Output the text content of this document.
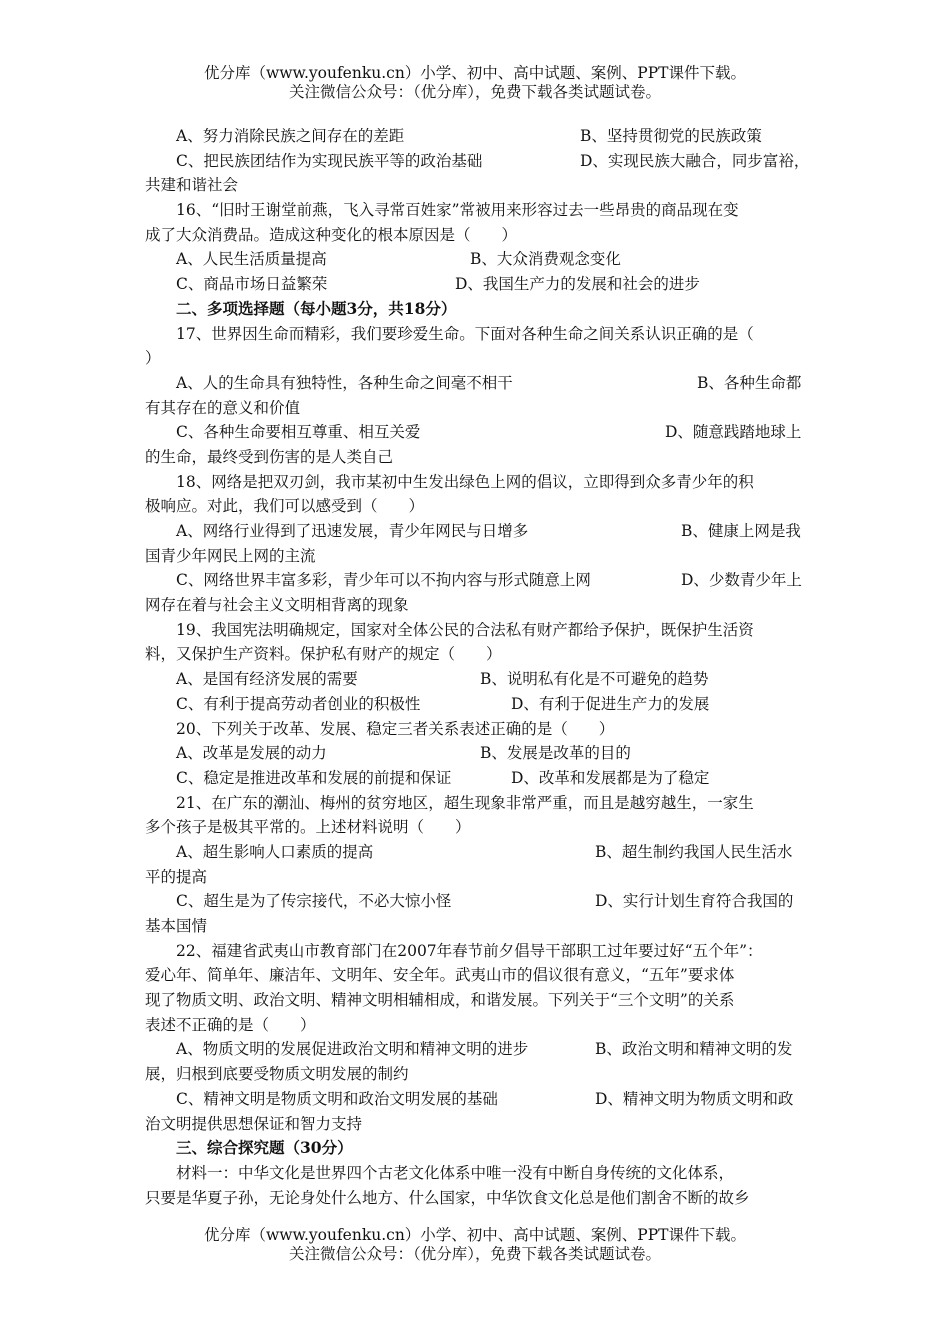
优分库（www.youfenku.cn）小学、初中、高中试题、案例、PPT课件下载。
关注微信公众号：（优分库），免费下载各类试题试卷。
A、努力消除民族之间存在的差距	B、坚持贯彻党的民族政策
C、把民族团结作为实现民族平等的政治基础	D、实现民族大融合，同步富裕，
共建和谐社会
16、“旧时王谢堂前燕，飞入寻常百姓家”常被用来形容过去一些昂贵的商品现在变
成了大众消费品。造成这种变化的根本原因是（　　）
A、人民生活质量提高	B、大众消费观念变化
C、商品市场日益繁荣	D、我国生产力的发展和社会的进步
二、多项选择题（每小题3分，共18分）
17、世界因生命而精彩，我们要珍爱生命。下面对各种生命之间关系认识正确的是（
）
A、人的生命具有独特性，各种生命之间毫不相干	B、各种生命都
有其存在的意义和价值
C、各种生命要相互尊重、相互关爱	D、随意践踏地球上
的生命，最终受到伤害的是人类自己
18、网络是把双刃剑，我市某初中生发出绿色上网的倡议，立即得到众多青少年的积
极响应。对此，我们可以感受到（　　）
A、网络行业得到了迅速发展，青少年网民与日增多	B、健康上网是我
国青少年网民上网的主流
C、网络世界丰富多彩，青少年可以不拘内容与形式随意上网	D、少数青少年上
网存在着与社会主义文明相背离的现象
19、我国宪法明确规定，国家对全体公民的合法私有财产都给予保护，既保护生活资
料，又保护生产资料。保护私有财产的规定（　　）
A、是国有经济发展的需要	B、说明私有化是不可避免的趋势
C、有利于提高劳动者创业的积极性	D、有利于促进生产力的发展
20、下列关于改革、发展、稳定三者关系表述正确的是（　　）
A、改革是发展的动力	B、发展是改革的目的
C、稳定是推进改革和发展的前提和保证	D、改革和发展都是为了稳定
21、在广东的潮汕、梅州的贫穷地区，超生现象非常严重，而且是越穷越生，一家生
多个孩子是极其平常的。上述材料说明（　　）
A、超生影响人口素质的提高	B、超生制约我国人民生活水
平的提高
C、超生是为了传宗接代，不必大惊小怪	D、实行计划生育符合我国的
基本国情
22、福建省武夷山市教育部门在2007年春节前夕倡导干部职工过年要过好“五个年”：
爱心年、简单年、廉洁年、文明年、安全年。武夷山市的倡议很有意义，“五年”要求体
现了物质文明、政治文明、精神文明相辅相成，和谐发展。下列关于“三个文明”的关系
表述不正确的是（　　）
A、物质文明的发展促进政治文明和精神文明的进步	B、政治文明和精神文明的发
展，归根到底要受物质文明发展的制约
C、精神文明是物质文明和政治文明发展的基础	D、精神文明为物质文明和政
治文明提供思想保证和智力支持
三、综合探究题（30分）
材料一：中华文化是世界四个古老文化体系中唯一没有中断自身传统的文化体系，
只要是华夏子孙，无论身处什么地方、什么国家，中华饮食文化总是他们割舍不断的故乡
优分库（www.youfenku.cn）小学、初中、高中试题、案例、PPT课件下载。
关注微信公众号：（优分库），免费下载各类试题试卷。
